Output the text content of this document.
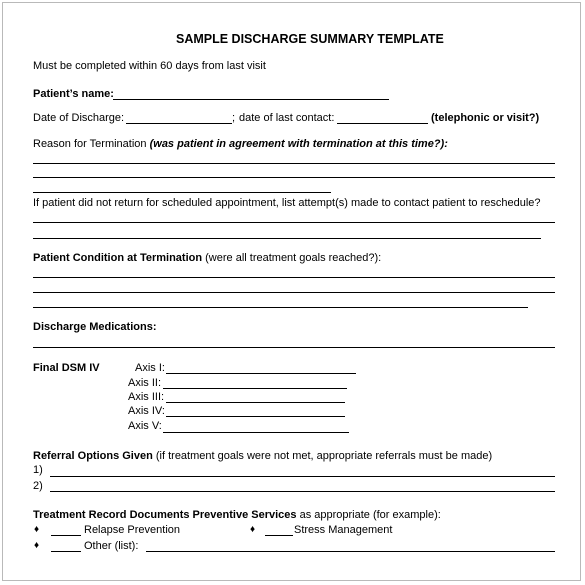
SAMPLE DISCHARGE SUMMARY TEMPLATE
Must be completed within 60 days from last visit
Patient’s name:
Date of Discharge:	; date of last contact:	(telephonic or visit?)
Reason for Termination (was patient in agreement with termination at this time?):
If patient did not return for scheduled appointment, list attempt(s) made to contact patient to reschedule?
Patient Condition at Termination (were all treatment goals reached?):
Discharge Medications:
Final DSM IV	Axis I:
Axis II:
Axis III:
Axis IV:
Axis V:
Referral Options Given (if treatment goals were not met, appropriate referrals must be made)
1)
2)
Treatment Record Documents Preventive Services as appropriate (for example):
♦	Relapse Prevention	♦	Stress Management
♦	Other (list):
